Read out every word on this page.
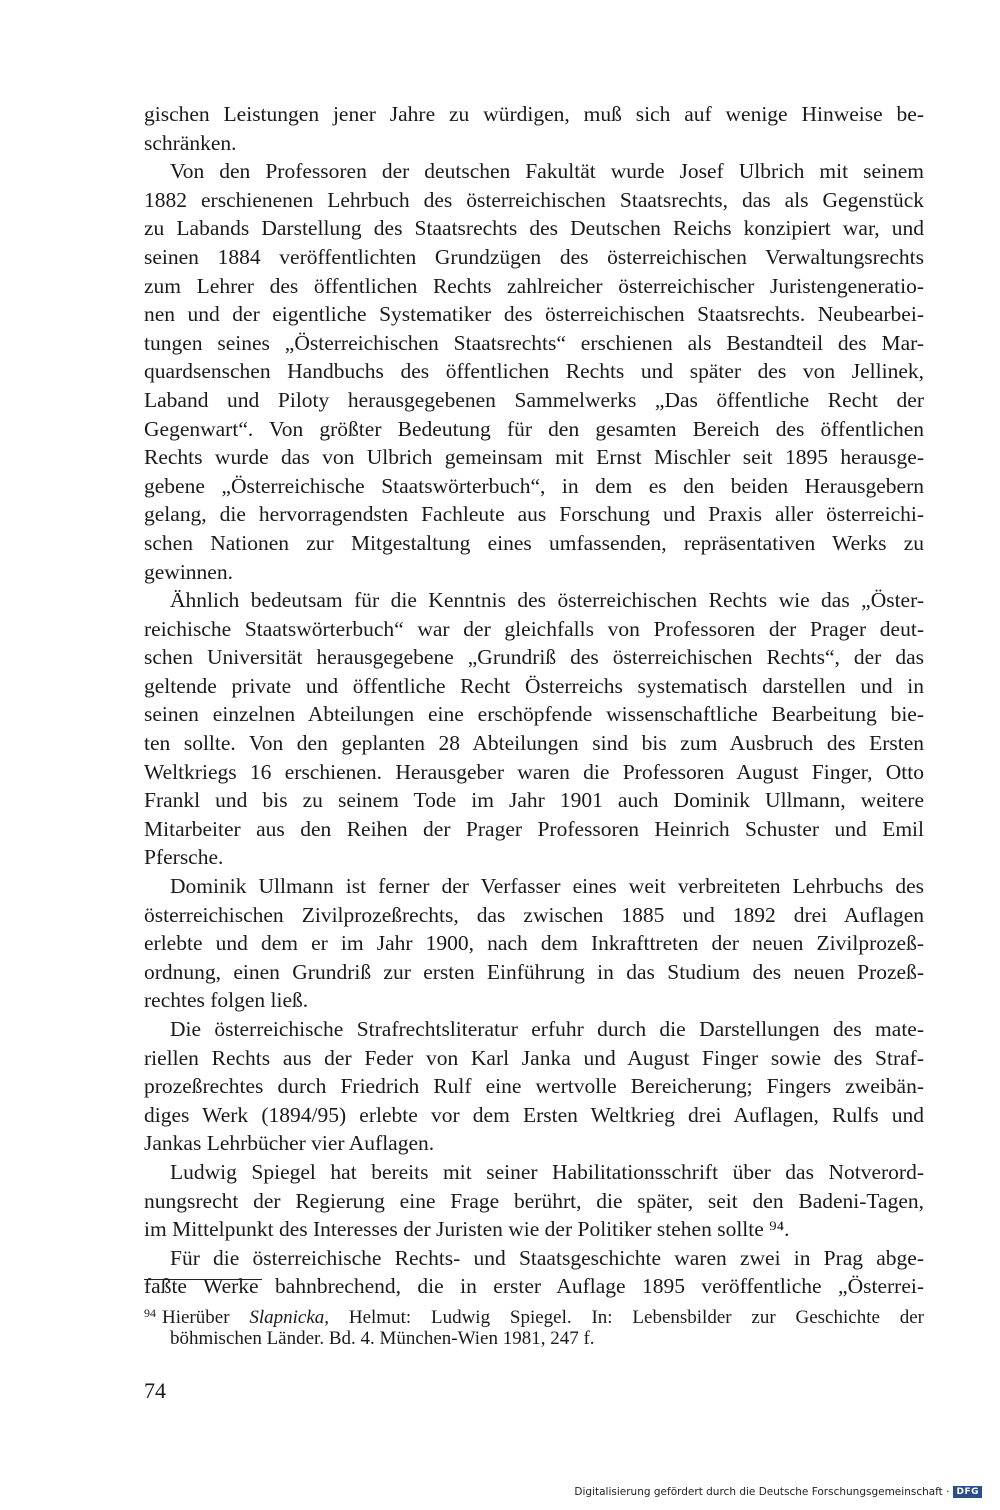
gischen Leistungen jener Jahre zu würdigen, muß sich auf wenige Hinweise be-
schränken.
Von den Professoren der deutschen Fakultät wurde Josef Ulbrich mit seinem
1882 erschienenen Lehrbuch des österreichischen Staatsrechts, das als Gegenstück
zu Labands Darstellung des Staatsrechts des Deutschen Reichs konzipiert war, und
seinen 1884 veröffentlichten Grundzügen des österreichischen Verwaltungsrechts
zum Lehrer des öffentlichen Rechts zahlreicher österreichischer Juristengeneratio-
nen und der eigentliche Systematiker des österreichischen Staatsrechts. Neubearbei-
tungen seines „Österreichischen Staatsrechts“ erschienen als Bestandteil des Mar-
quardsenschen Handbuchs des öffentlichen Rechts und später des von Jellinek,
Laband und Piloty herausgegebenen Sammelwerks „Das öffentliche Recht der
Gegenwart“. Von größter Bedeutung für den gesamten Bereich des öffentlichen
Rechts wurde das von Ulbrich gemeinsam mit Ernst Mischler seit 1895 herausge-
gebene „Österreichische Staatswörterbuch“, in dem es den beiden Herausgebern
gelang, die hervorragendsten Fachleute aus Forschung und Praxis aller österreichi-
schen Nationen zur Mitgestaltung eines umfassenden, repräsentativen Werks zu
gewinnen.
Ähnlich bedeutsam für die Kenntnis des österreichischen Rechts wie das „Öster-
reichische Staatswörterbuch“ war der gleichfalls von Professoren der Prager deut-
schen Universität herausgegebene „Grundriß des österreichischen Rechts“, der das
geltende private und öffentliche Recht Österreichs systematisch darstellen und in
seinen einzelnen Abteilungen eine erschöpfende wissenschaftliche Bearbeitung bie-
ten sollte. Von den geplanten 28 Abteilungen sind bis zum Ausbruch des Ersten
Weltkriegs 16 erschienen. Herausgeber waren die Professoren August Finger, Otto
Frankl und bis zu seinem Tode im Jahr 1901 auch Dominik Ullmann, weitere
Mitarbeiter aus den Reihen der Prager Professoren Heinrich Schuster und Emil
Pfersche.
Dominik Ullmann ist ferner der Verfasser eines weit verbreiteten Lehrbuchs des
österreichischen Zivilprozeßrechts, das zwischen 1885 und 1892 drei Auflagen
erlebte und dem er im Jahr 1900, nach dem Inkrafttreten der neuen Zivilprozeß-
ordnung, einen Grundriß zur ersten Einführung in das Studium des neuen Prozeß-
rechtes folgen ließ.
Die österreichische Strafrechtsliteratur erfuhr durch die Darstellungen des mate-
riellen Rechts aus der Feder von Karl Janka und August Finger sowie des Straf-
prozeßrechtes durch Friedrich Rulf eine wertvolle Bereicherung; Fingers zweibän-
diges Werk (1894/95) erlebte vor dem Ersten Weltkrieg drei Auflagen, Rulfs und
Jankas Lehrbücher vier Auflagen.
Ludwig Spiegel hat bereits mit seiner Habilitationsschrift über das Notverord-
nungsrecht der Regierung eine Frage berührt, die später, seit den Badeni-Tagen,
im Mittelpunkt des Interesses der Juristen wie der Politiker stehen sollte ⁹⁴.
Für die österreichische Rechts- und Staatsgeschichte waren zwei in Prag abge-
faßte Werke bahnbrechend, die in erster Auflage 1895 veröffentliche „Österrei-
$^{94}$ Hierüber Slapnicka, Helmut: Ludwig Spiegel. In: Lebensbilder zur Geschichte der
böhmischen Länder. Bd. 4. München-Wien 1981, 247 f.
74
Digitalisierung gefördert durch die Deutsche Forschungsgemeinschaft · DFG
